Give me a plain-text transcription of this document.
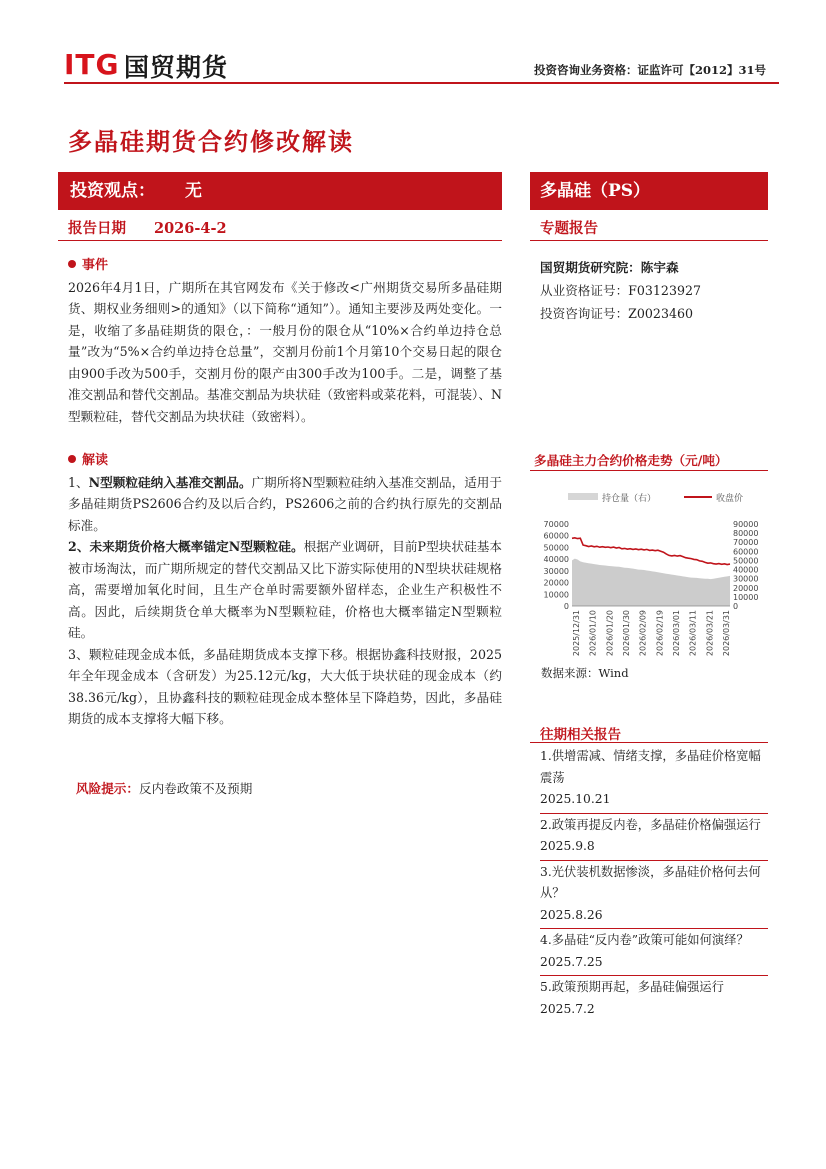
ITG 国贸期货	投资咨询业务资格：证监许可【2012】31号
多晶硅期货合约修改解读
投资观点： 无	多晶硅（PS）
报告日期 2026-4-2	专题报告
事件

2026年4月1日，广期所在其官网发布《关于修改<广州期货交易所多晶硅期货、期权业务细则>的通知》（以下简称“通知”）。通知主要涉及两处变化。一是，收缩了多晶硅期货的限仓，：一般月份的限仓从“10%×合约单边持仓总量”改为“5%×合约单边持仓总量”，交割月份前1个月第10个交易日起的限仓由900手改为500手，交割月份的限产由300手改为100手。二是，调整了基准交割品和替代交割品。基准交割品为块状硅（致密料或菜花料，可混装）、N型颗粒硅，替代交割品为块状硅（致密料）。

解读

1、N型颗粒硅纳入基准交割品。广期所将N型颗粒硅纳入基准交割品，适用于多晶硅期货PS2606合约及以后合约，PS2606之前的合约执行原先的交割品标准。

2、未来期货价格大概率锚定N型颗粒硅。根据产业调研，目前P型块状硅基本被市场淘汰，而广期所规定的替代交割品又比下游实际使用的N型块状硅规格高，需要增加氧化时间，且生产仓单时需要额外留样态，企业生产积极性不高。因此，后续期货仓单大概率为N型颗粒硅，价格也大概率锚定N型颗粒硅。

3、颗粒硅现金成本低，多晶硅期货成本支撑下移。根据协鑫科技财报，2025年全年现金成本（含研发）为25.12元/kg，大大低于块状硅的现金成本（约38.36元/kg），且协鑫科技的颗粒硅现金成本整体呈下降趋势，因此，多晶硅期货的成本支撑将大幅下移。

风险提示：反内卷政策不及预期
国贸期货研究院：陈宇森
从业资格证号：F03123927
投资咨询证号：Z0023460
多晶硅主力合约价格走势（元/吨）
持仓量（右）	收盘价
0
10000
20000
30000
40000
50000
60000
70000
0
10000
20000
30000
40000
50000
60000
70000
80000
90000
2025/12/31 2026/01/10 2026/01/20 2026/01/30 2026/02/09 2026/02/19 2026/03/01 2026/03/11 2026/03/21 2026/03/31
数据来源：Wind
往期相关报告
1.供增需减、情绪支撑，多晶硅价格宽幅震荡
2025.10.21
2.政策再提反内卷，多晶硅价格偏强运行
2025.9.8
3.光伏装机数据惨淡，多晶硅价格何去何从？
2025.8.26
4.多晶硅“反内卷”政策可能如何演绎？
2025.7.25
5.政策预期再起，多晶硅偏强运行
2025.7.2
